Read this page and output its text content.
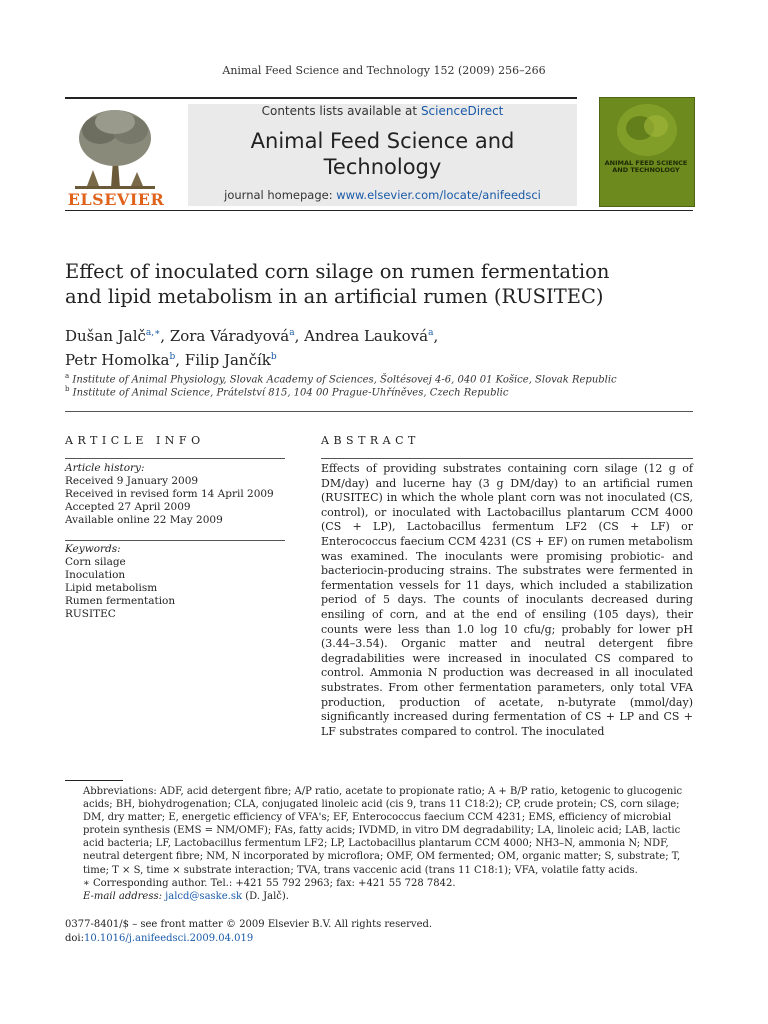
Animal Feed Science and Technology 152 (2009) 256–266
ELSEVIER
Contents lists available at ScienceDirect
Animal Feed Science and
Technology
journal homepage: www.elsevier.com/locate/anifeedsci
ANIMAL FEED SCIENCE AND TECHNOLOGY
Effect of inoculated corn silage on rumen fermentation
and lipid metabolism in an artificial rumen (RUSITEC)
Dušan Jalč$^{a,∗}$, Zora Váradyová$^a$, Andrea Lauková$^a$,
Petr Homolka$^b$, Filip Jančík$^b$
$^a$ Institute of Animal Physiology, Slovak Academy of Sciences, Šoltésovej 4-6, 040 01 Košice, Slovak Republic
$^b$ Institute of Animal Science, Prátelství 815, 104 00 Prague-Uhříněves, Czech Republic
ARTICLE INFO	ABSTRACT
Article history:
Received 9 January 2009
Received in revised form 14 April 2009
Accepted 27 April 2009
Available online 22 May 2009
Keywords:
Corn silage
Inoculation
Lipid metabolism
Rumen fermentation
RUSITEC
Effects of providing substrates containing corn silage (12 g of DM/day) and lucerne hay (3 g DM/day) to an artificial rumen (RUSITEC) in which the whole plant corn was not inoculated (CS, control), or inoculated with Lactobacillus plantarum CCM 4000 (CS + LP), Lactobacillus fermentum LF2 (CS + LF) or Enterococcus faecium CCM 4231 (CS + EF) on rumen metabolism was examined. The inoculants were promising probiotic- and bacteriocin-producing strains. The substrates were fermented in fermentation vessels for 11 days, which included a stabilization period of 5 days. The counts of inoculants decreased during ensiling of corn, and at the end of ensiling (105 days), their counts were less than 1.0 log 10 cfu/g; probably for lower pH (3.44–3.54). Organic matter and neutral detergent fibre degradabilities were increased in inoculated CS compared to control. Ammonia N production was decreased in all inoculated substrates. From other fermentation parameters, only total VFA production, production of acetate, n-butyrate (mmol/day) significantly increased during fermentation of CS + LP and CS + LF substrates compared to control. The inoculated
Abbreviations: ADF, acid detergent fibre; A/P ratio, acetate to propionate ratio; A + B/P ratio, ketogenic to glucogenic acids; BH, biohydrogenation; CLA, conjugated linoleic acid (cis 9, trans 11 C18:2); CP, crude protein; CS, corn silage; DM, dry matter; E, energetic efficiency of VFA's; EF, Enterococcus faecium CCM 4231; EMS, efficiency of microbial protein synthesis (EMS = NM/OMF); FAs, fatty acids; IVDMD, in vitro DM degradability; LA, linoleic acid; LAB, lactic acid bacteria; LF, Lactobacillus fermentum LF2; LP, Lactobacillus plantarum CCM 4000; NH3–N, ammonia N; NDF, neutral detergent fibre; NM, N incorporated by microflora; OMF, OM fermented; OM, organic matter; S, substrate; T, time; T × S, time × substrate interaction; TVA, trans vaccenic acid (trans 11 C18:1); VFA, volatile fatty acids.
∗ Corresponding author. Tel.: +421 55 792 2963; fax: +421 55 728 7842.
E-mail address: jalcd@saske.sk (D. Jalč).
0377-8401/$ – see front matter © 2009 Elsevier B.V. All rights reserved.
doi:10.1016/j.anifeedsci.2009.04.019
